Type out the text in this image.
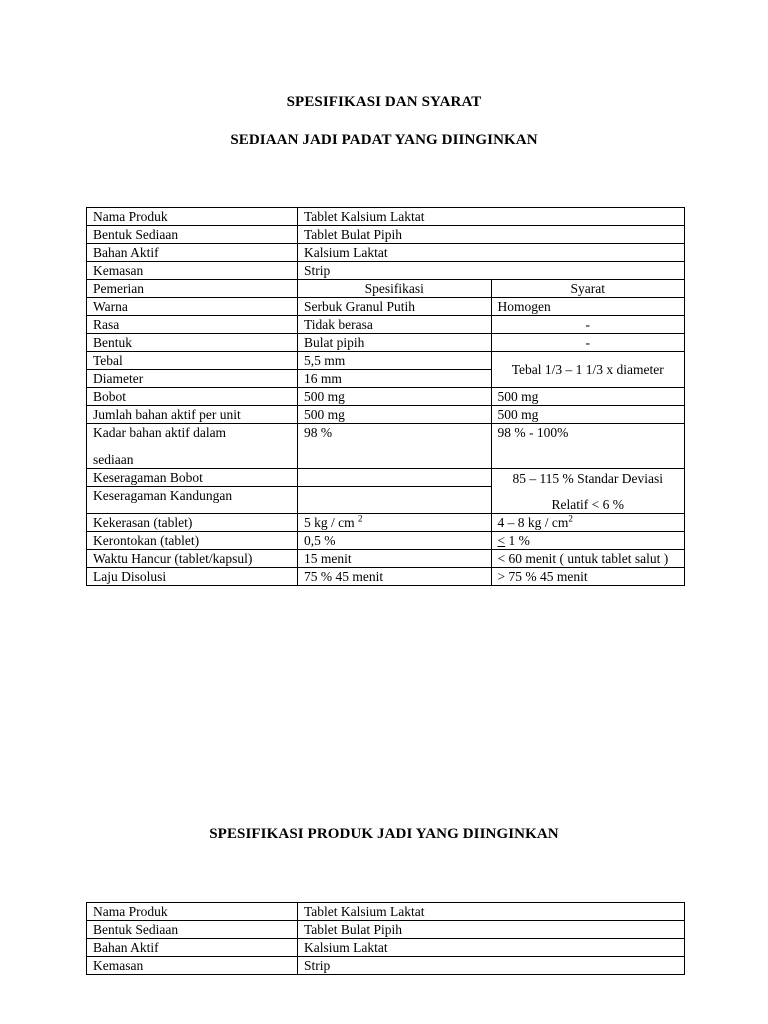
SPESIFIKASI DAN SYARAT
SEDIAAN JADI PADAT YANG DIINGINKAN
Nama Produk	Tablet Kalsium Laktat	
Bentuk Sediaan	Tablet Bulat Pipih	
Bahan Aktif	Kalsium Laktat	
Kemasan	Strip	
Pemerian	Spesifikasi	Syarat
Warna	Serbuk Granul Putih	Homogen
Rasa	Tidak berasa	-
Bentuk	Bulat pipih	-
Tebal	5,5 mm	Tebal 1/3 – 1 1/3 x diameter
Diameter	16 mm	
Bobot	500 mg	500 mg
Jumlah bahan aktif per unit	500 mg	500 mg
Kadar bahan aktif dalam
sediaan	98 %	98 % - 100%
Keseragaman Bobot		85 – 115 % Standar Deviasi
Relatif < 6 %

Keseragaman Kandungan		
Kekerasan (tablet)	5 kg / cm $^2$	4 – 8 kg / $cm^2$
Kerontokan (tablet)	0,5 %	≤ 1 %
Waktu Hancur (tablet/kapsul)	15 menit	< 60 menit ( untuk tablet salut )
Laju Disolusi	75 % 45 menit	> 75 % 45 menit
SPESIFIKASI PRODUK JADI YANG DIINGINKAN
Nama Produk	Tablet Kalsium Laktat
Bentuk Sediaan	Tablet Bulat Pipih
Bahan Aktif	Kalsium Laktat
Kemasan	Strip
